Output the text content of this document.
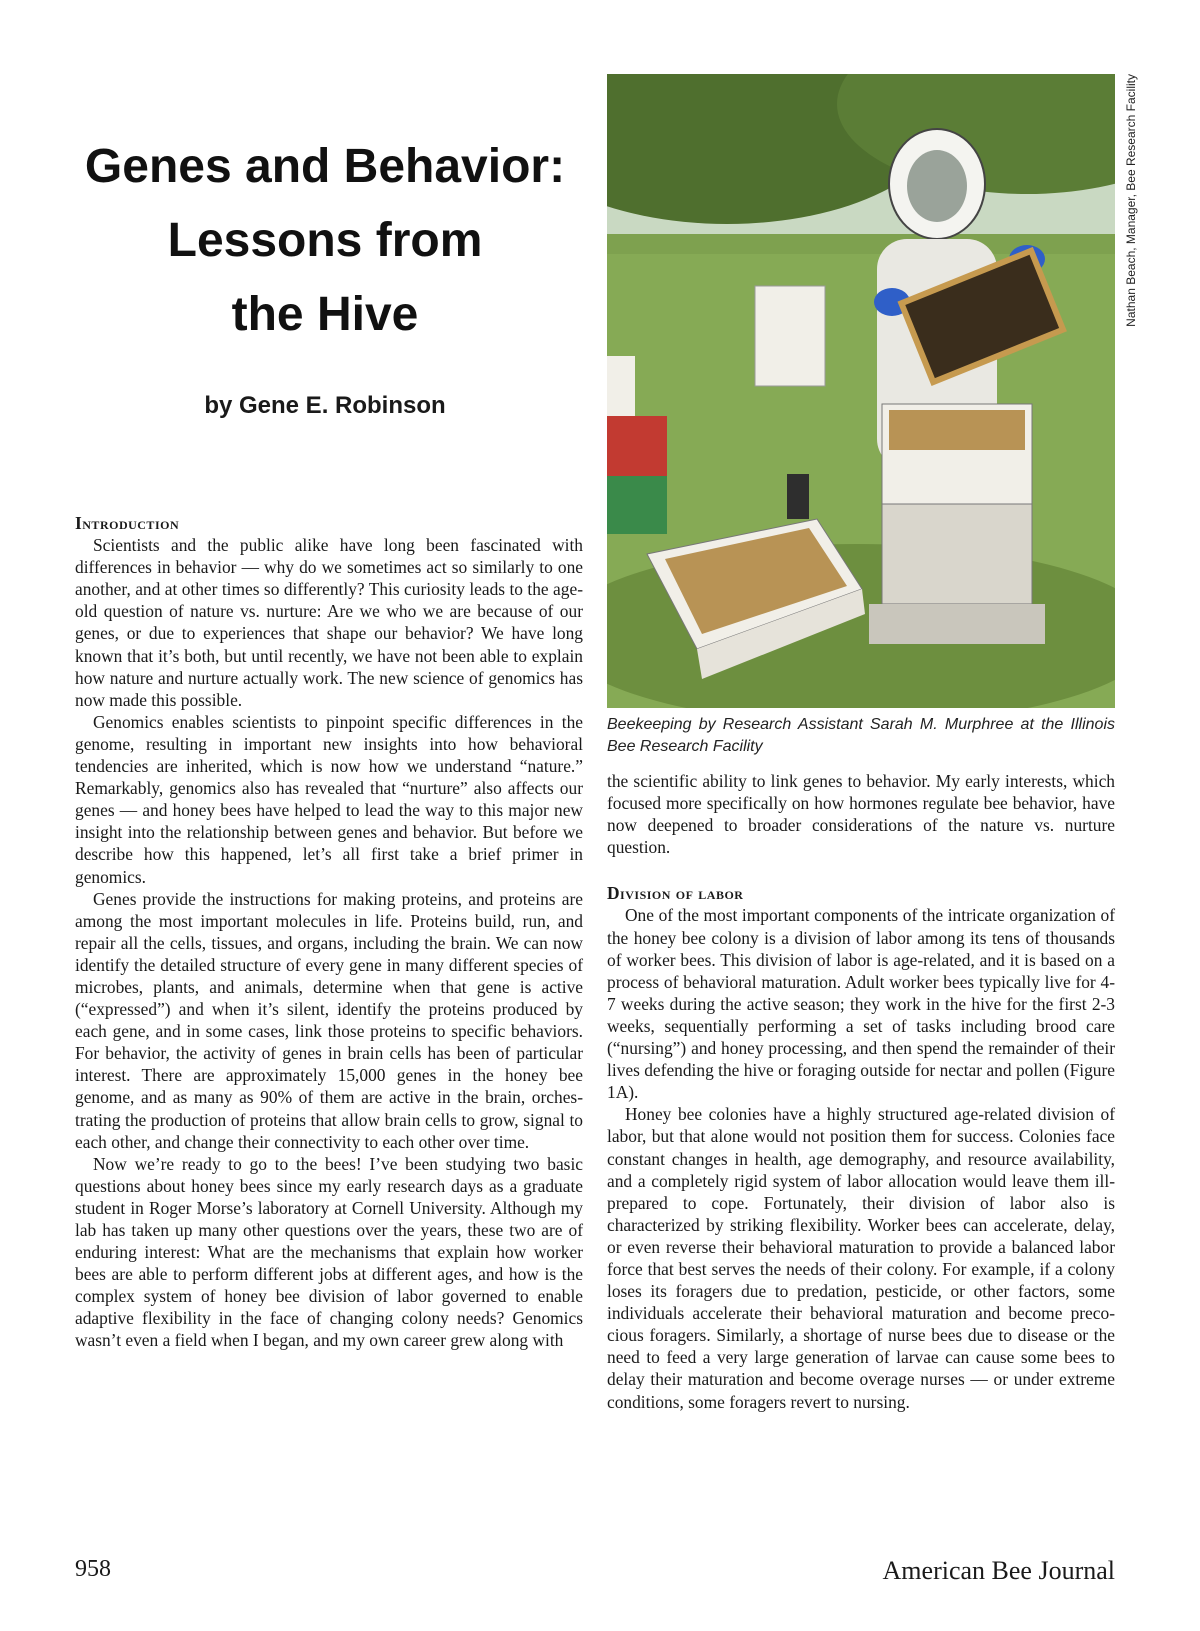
Genes and Behavior:
Lessons from
the Hive
by Gene E. Robinson
Introduction

Scientists and the public alike have long been fascinated with differences in behavior — why do we sometimes act so similarly to one another, and at other times so differently? This curiosity leads to the age-old question of nature vs. nurture: Are we who we are because of our genes, or due to experiences that shape our behavior? We have long known that it’s both, but until recently, we have not been able to explain how nature and nurture actually work. The new science of genomics has now made this possible.

Genomics enables scientists to pinpoint specific differences in the genome, resulting in important new insights into how behavioral tendencies are inherited, which is now how we understand “nature.” Remarkably, genomics also has revealed that “nurture” also affects our genes — and honey bees have helped to lead the way to this major new insight into the relationship between genes and behavior. But before we describe how this happened, let’s all first take a brief primer in genomics.

Genes provide the instructions for making proteins, and proteins are among the most important molecules in life. Proteins build, run, and repair all the cells, tissues, and organs, including the brain. We can now identify the detailed structure of every gene in many different species of microbes, plants, and animals, determine when that gene is active (“expressed”) and when it’s silent, identify the proteins produced by each gene, and in some cases, link those proteins to specific behaviors. For behavior, the activity of genes in brain cells has been of particular interest. There are approximately 15,000 genes in the honey bee genome, and as many as 90% of them are active in the brain, orchestrating the production of proteins that allow brain cells to grow, signal to each other, and change their connectivity to each other over time.

Now we’re ready to go to the bees! I’ve been studying two basic questions about honey bees since my early research days as a graduate student in Roger Morse’s laboratory at Cornell University. Although my lab has taken up many other questions over the years, these two are of enduring interest: What are the mechanisms that explain how worker bees are able to perform different jobs at different ages, and how is the complex system of honey bee division of labor governed to enable adaptive flexibility in the face of changing colony needs? Genomics wasn’t even a field when I began, and my own career grew along with

Nathan Beach, Manager, Bee Research Facility
Beekeeping by Research Assistant Sarah M. Murphree at the Illinois Bee Research Facility

the scientific ability to link genes to behavior. My early interests, which focused more specifically on how hormones regulate bee behavior, have now deepened to broader considerations of the nature vs. nurture question.

Division of labor

One of the most important components of the intricate organization of the honey bee colony is a division of labor among its tens of thousands of worker bees. This division of labor is age-related, and it is based on a process of behavioral maturation. Adult worker bees typically live for 4-7 weeks during the active season; they work in the hive for the first 2-3 weeks, sequentially performing a set of tasks including brood care (“nursing”) and honey processing, and then spend the remainder of their lives defending the hive or foraging outside for nectar and pollen (Figure 1A).

Honey bee colonies have a highly structured age-related division of labor, but that alone would not position them for success. Colonies face constant changes in health, age demography, and resource availability, and a completely rigid system of labor allocation would leave them ill-prepared to cope. Fortunately, their division of labor also is characterized by striking flexibility. Worker bees can accelerate, delay, or even reverse their behavioral maturation to provide a balanced labor force that best serves the needs of their colony. For example, if a colony loses its foragers due to predation, pesticide, or other factors, some individuals accelerate their behavioral maturation and become precocious foragers. Similarly, a shortage of nurse bees due to disease or the need to feed a very large generation of larvae can cause some bees to delay their maturation and become overage nurses — or under extreme conditions, some foragers revert to nursing.

958	American Bee Journal
